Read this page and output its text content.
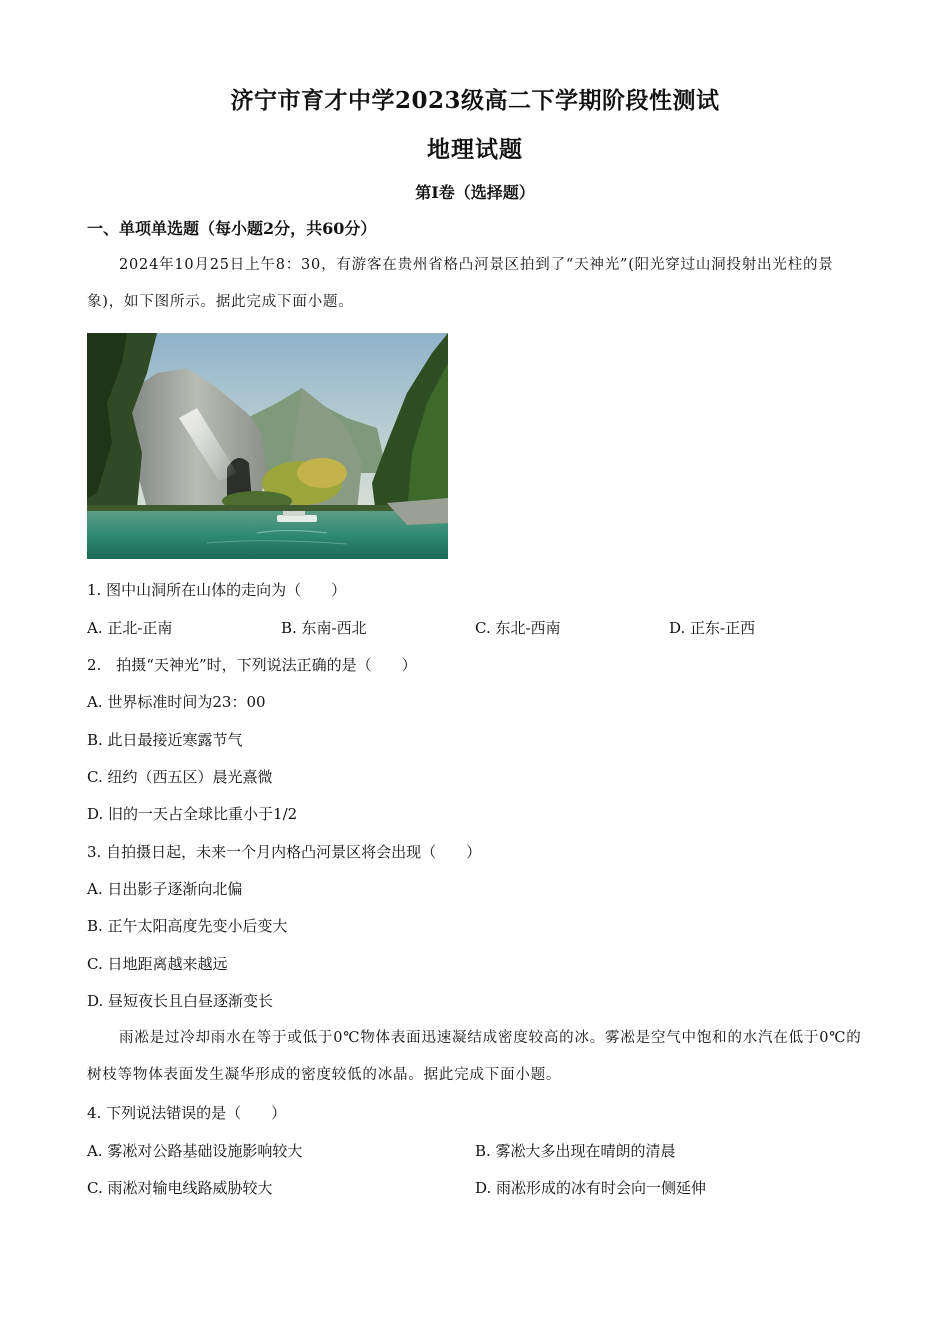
济宁市育才中学2023级高二下学期阶段性测试
地理试题
第Ⅰ卷（选择题）
一、单项单选题（每小题2分，共60分）
2024年10月25日上午8：30，有游客在贵州省格凸河景区拍到了“天神光”(阳光穿过山洞投射出光柱的景象)，如下图所示。据此完成下面小题。
1. 图中山洞所在山体的走向为（　　）
A. 正北-正南	B. 东南-西北	C. 东北-西南	D. 正东-正西
2.　拍摄“天神光”时，下列说法正确的是（　　）
A. 世界标准时间为23：00
B. 此日最接近寒露节气
C. 纽约（西五区）晨光熹微
D. 旧的一天占全球比重小于1/2
3. 自拍摄日起，未来一个月内格凸河景区将会出现（　　）
A. 日出影子逐渐向北偏
B. 正午太阳高度先变小后变大
C. 日地距离越来越远
D. 昼短夜长且白昼逐渐变长
雨凇是过冷却雨水在等于或低于0℃物体表面迅速凝结成密度较高的冰。雾凇是空气中饱和的水汽在低于0℃的树枝等物体表面发生凝华形成的密度较低的冰晶。据此完成下面小题。
4. 下列说法错误的是（　　）
A. 雾凇对公路基础设施影响较大	B. 雾凇大多出现在晴朗的清晨
C. 雨凇对输电线路威胁较大	D. 雨凇形成的冰有时会向一侧延伸
